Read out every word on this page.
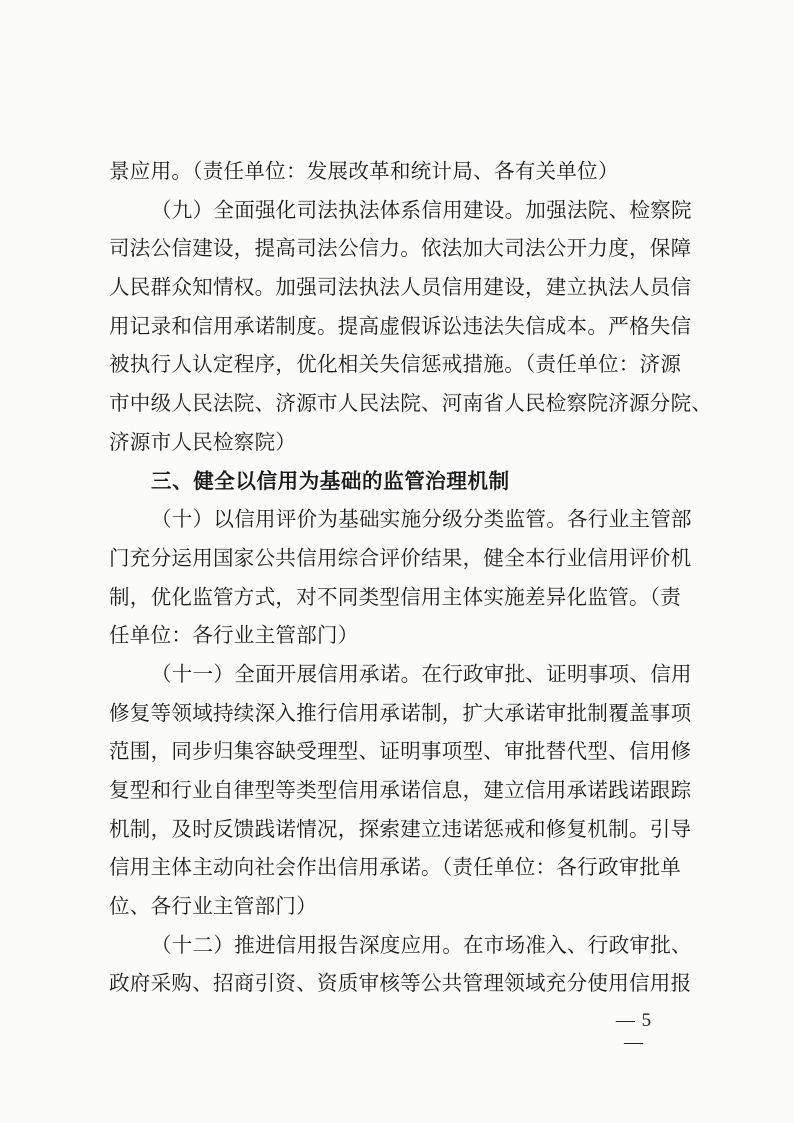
景应用。（责任单位：发展改革和统计局、各有关单位）
（九）全面强化司法执法体系信用建设。加强法院、检察院
司法公信建设，提高司法公信力。依法加大司法公开力度，保障
人民群众知情权。加强司法执法人员信用建设，建立执法人员信
用记录和信用承诺制度。提高虚假诉讼违法失信成本。严格失信
被执行人认定程序，优化相关失信惩戒措施。（责任单位：济源
市中级人民法院、济源市人民法院、河南省人民检察院济源分院、
济源市人民检察院）
三、健全以信用为基础的监管治理机制
（十）以信用评价为基础实施分级分类监管。各行业主管部
门充分运用国家公共信用综合评价结果，健全本行业信用评价机
制，优化监管方式，对不同类型信用主体实施差异化监管。（责
任单位：各行业主管部门）
（十一）全面开展信用承诺。在行政审批、证明事项、信用
修复等领域持续深入推行信用承诺制，扩大承诺审批制覆盖事项
范围，同步归集容缺受理型、证明事项型、审批替代型、信用修
复型和行业自律型等类型信用承诺信息，建立信用承诺践诺跟踪
机制，及时反馈践诺情况，探索建立违诺惩戒和修复机制。引导
信用主体主动向社会作出信用承诺。（责任单位：各行政审批单
位、各行业主管部门）
（十二）推进信用报告深度应用。在市场准入、行政审批、
政府采购、招商引资、资质审核等公共管理领域充分使用信用报
— 5 —
